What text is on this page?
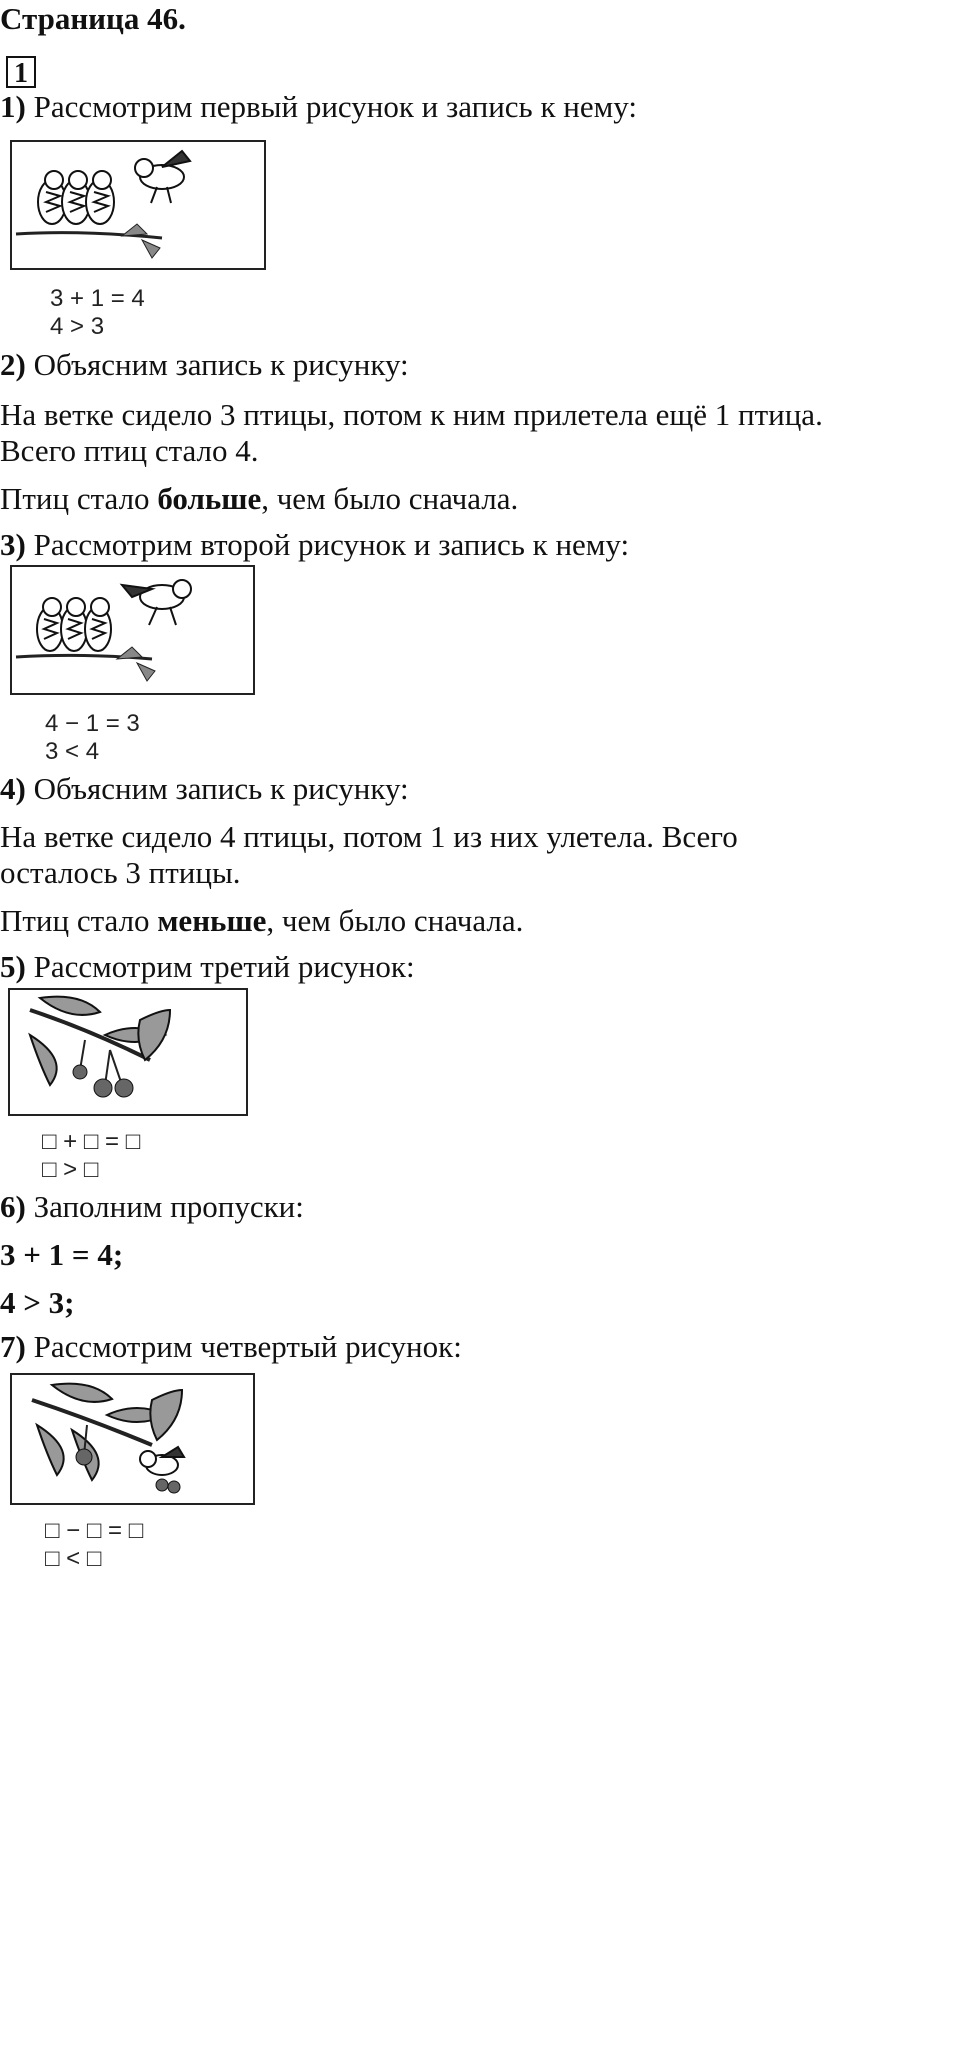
Страница 46.
1
1) Рассмотрим первый рисунок и запись к нему:
3 + 1 = 4
4 > 3
2) Объясним запись к рисунку:
На ветке сидело 3 птицы, потом к ним прилетела ещё 1 птица.
Всего птиц стало 4.
Птиц стало больше, чем было сначала.
3) Рассмотрим второй рисунок и запись к нему:
4 − 1 = 3
3 < 4
4) Объясним запись к рисунку:
На ветке сидело 4 птицы, потом 1 из них улетела. Всего
осталось 3 птицы.
Птиц стало меньше, чем было сначала.
5) Рассмотрим третий рисунок:
□ + □ = □
□ > □
6) Заполним пропуски:
3 + 1 = 4;
4 > 3;
7) Рассмотрим четвертый рисунок:
□ − □ = □
□ < □
